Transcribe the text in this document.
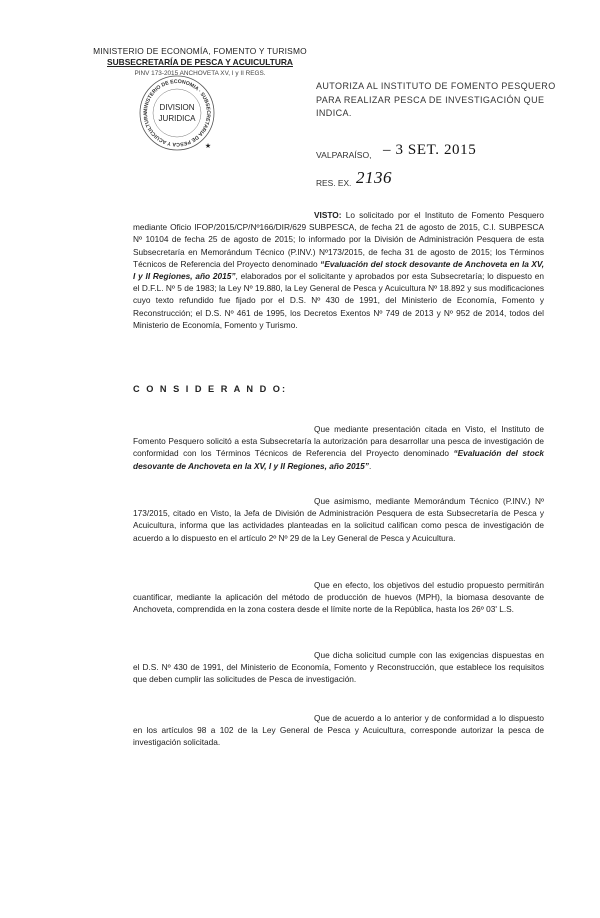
MINISTERIO DE ECONOMÍA, FOMENTO Y TURISMO
SUBSECRETARÍA DE PESCA Y ACUICULTURA
PINV 173-2015 ANCHOVETA XV, I y II REGS.
MINISTERIO DE ECONOMIA · SUBSECRETARIA DE PESCA Y ACUICULTURA
DIVISION
JURIDICA
★
AUTORIZA AL INSTITUTO DE FOMENTO PESQUERO PARA REALIZAR PESCA DE INVESTIGACIÓN QUE INDICA.
VALPARAÍSO, – 3 SET. 2015
RES. EX. 2136

VISTO: Lo solicitado por el Instituto de Fomento Pesquero mediante Oficio IFOP/2015/CP/Nº166/DIR/629 SUBPESCA, de fecha 21 de agosto de 2015, C.I. SUBPESCA Nº 10104 de fecha 25 de agosto de 2015; lo informado por la División de Administración Pesquera de esta Subsecretaría en Memorándum Técnico (P.INV.) Nº173/2015, de fecha 31 de agosto de 2015; los Términos Técnicos de Referencia del Proyecto denominado “Evaluación del stock desovante de Anchoveta en la XV, I y II Regiones, año 2015”, elaborados por el solicitante y aprobados por esta Subsecretaría; lo dispuesto en el D.F.L. Nº 5 de 1983; la Ley Nº 19.880, la Ley General de Pesca y Acuicultura Nº 18.892 y sus modificaciones cuyo texto refundido fue fijado por el D.S. Nº 430 de 1991, del Ministerio de Economía, Fomento y Reconstrucción; el D.S. Nº 461 de 1995, los Decretos Exentos Nº 749 de 2013 y Nº 952 de 2014, todos del Ministerio de Economía, Fomento y Turismo.

C O N S I D E R A N D O:

Que mediante presentación citada en Visto, el Instituto de Fomento Pesquero solicitó a esta Subsecretaría la autorización para desarrollar una pesca de investigación de conformidad con los Términos Técnicos de Referencia del Proyecto denominado “Evaluación del stock desovante de Anchoveta en la XV, I y II Regiones, año 2015”.

Que asimismo, mediante Memorándum Técnico (P.INV.) Nº 173/2015, citado en Visto, la Jefa de División de Administración Pesquera de esta Subsecretaría de Pesca y Acuicultura, informa que las actividades planteadas en la solicitud califican como pesca de investigación de acuerdo a lo dispuesto en el artículo 2º Nº 29 de la Ley General de Pesca y Acuicultura.

Que en efecto, los objetivos del estudio propuesto permitirán cuantificar, mediante la aplicación del método de producción de huevos (MPH), la biomasa desovante de Anchoveta, comprendida en la zona costera desde el límite norte de la República, hasta los 26º 03' L.S.

Que dicha solicitud cumple con las exigencias dispuestas en el D.S. Nº 430 de 1991, del Ministerio de Economía, Fomento y Reconstrucción, que establece los requisitos que deben cumplir las solicitudes de Pesca de investigación.

Que de acuerdo a lo anterior y de conformidad a lo dispuesto en los artículos 98 a 102 de la Ley General de Pesca y Acuicultura, corresponde autorizar la pesca de investigación solicitada.
